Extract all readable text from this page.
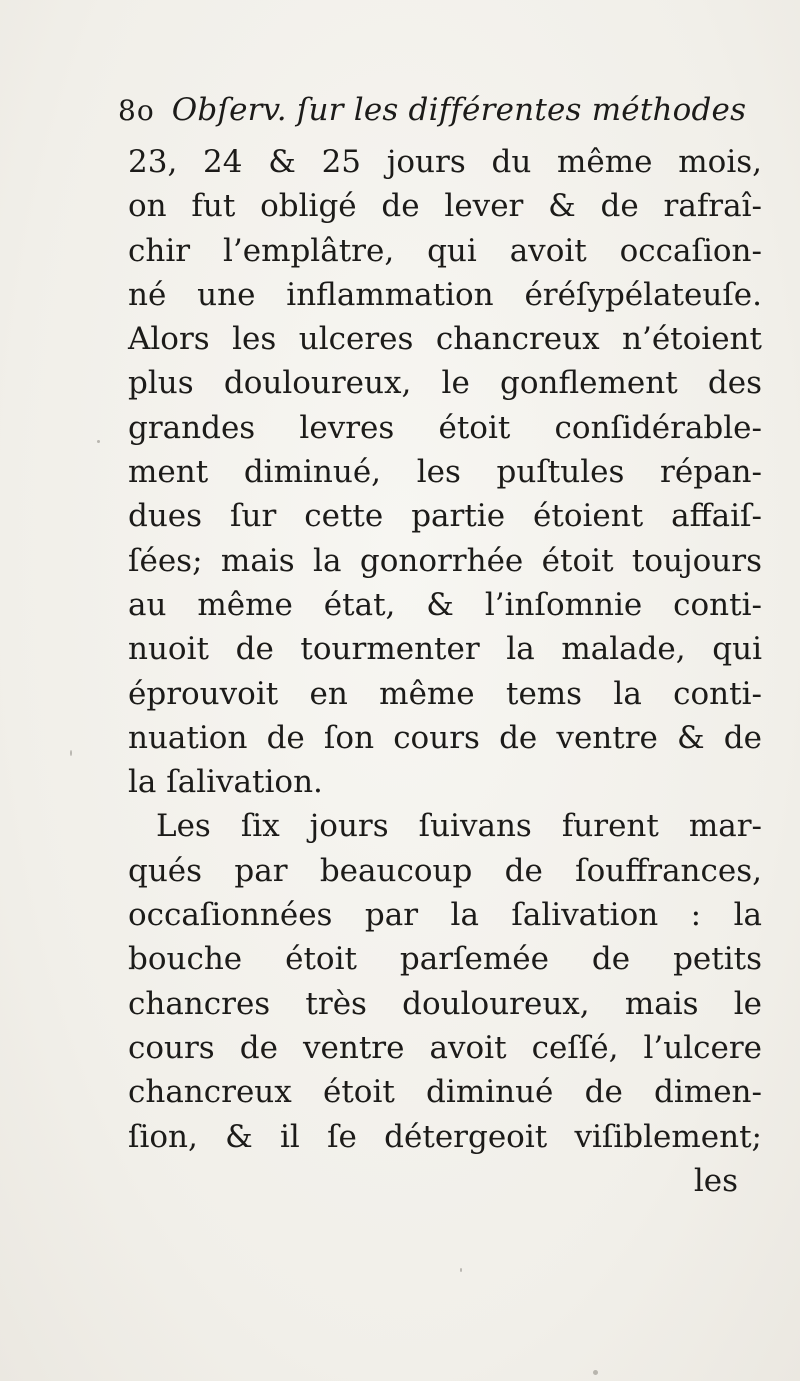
8o Obſerv. ſur les différentes méthodes
23, 24 & 25 jours du même mois,
on fut obligé de lever & de rafraî-
chir l’emplâtre, qui avoit occaſion-
né une inflammation éréſypélateuſe.
Alors les ulceres chancreux n’étoient
plus douloureux, le gonflement des
grandes levres étoit conſidérable-
ment diminué, les puſtules répan-
dues ſur cette partie étoient affaiſ-
ſées; mais la gonorrhée étoit toujours
au même état, & l’inſomnie conti-
nuoit de tourmenter la malade, qui
éprouvoit en même tems la conti-
nuation de ſon cours de ventre & de
la ſalivation.
Les ſix jours ſuivans furent mar-
qués par beaucoup de ſouffrances,
occaſionnées par la ſalivation : la
bouche étoit parſemée de petits
chancres très douloureux, mais le
cours de ventre avoit ceſſé, l’ulcere
chancreux étoit diminué de dimen-
ſion, & il ſe détergeoit viſiblement;
les
